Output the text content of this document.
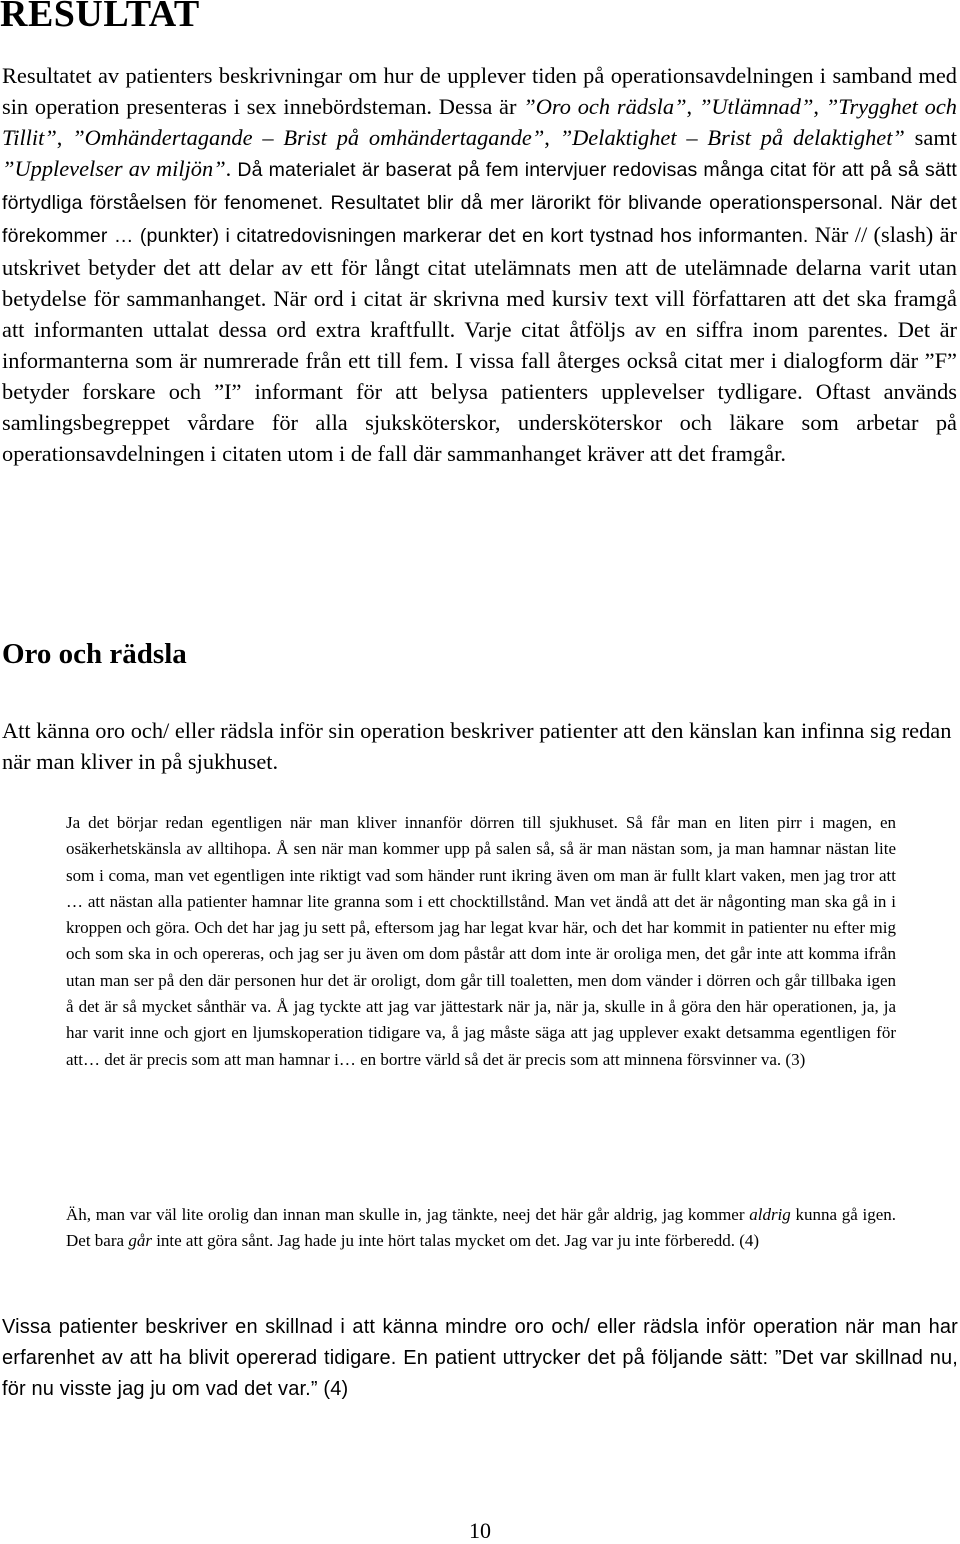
RESULTAT

Resultatet av patienters beskrivningar om hur de upplever tiden på operationsavdelningen i samband med sin operation presenteras i sex innebördsteman. Dessa är ”Oro och rädsla”, ”Utlämnad”, ”Trygghet och Tillit”, ”Omhändertagande – Brist på omhändertagande”, ”Delaktighet – Brist på delaktighet” samt ”Upplevelser av miljön”. Då materialet är baserat på fem intervjuer redovisas många citat för att på så sätt förtydliga förståelsen för fenomenet. Resultatet blir då mer lärorikt för blivande operationspersonal. När det förekommer … (punkter) i citatredovisningen markerar det en kort tystnad hos informanten. När // (slash) är utskrivet betyder det att delar av ett för långt citat utelämnats men att de utelämnade delarna varit utan betydelse för sammanhanget. När ord i citat är skrivna med kursiv text vill författaren att det ska framgå att informanten uttalat dessa ord extra kraftfullt. Varje citat åtföljs av en siffra inom parentes. Det är informanterna som är numrerade från ett till fem. I vissa fall återges också citat mer i dialogform där ”F” betyder forskare och ”I” informant för att belysa patienters upplevelser tydligare. Oftast används samlingsbegreppet vårdare för alla sjuksköterskor, undersköterskor och läkare som arbetar på operationsavdelningen i citaten utom i de fall där sammanhanget kräver att det framgår.

Oro och rädsla

Att känna oro och/ eller rädsla inför sin operation beskriver patienter att den känslan kan infinna sig redan när man kliver in på sjukhuset.

Ja det börjar redan egentligen när man kliver innanför dörren till sjukhuset. Så får man en liten pirr i magen, en osäkerhetskänsla av alltihopa. Å sen när man kommer upp på salen så, så är man nästan som, ja man hamnar nästan lite som i coma, man vet egentligen inte riktigt vad som händer runt ikring även om man är fullt klart vaken, men jag tror att … att nästan alla patienter hamnar lite granna som i ett chocktillstånd. Man vet ändå att det är någonting man ska gå in i kroppen och göra. Och det har jag ju sett på, eftersom jag har legat kvar här, och det har kommit in patienter nu efter mig och som ska in och opereras, och jag ser ju även om dom påstår att dom inte är oroliga men, det går inte att komma ifrån utan man ser på den där personen hur det är oroligt, dom går till toaletten, men dom vänder i dörren och går tillbaka igen å det är så mycket sånthär va. Å jag tyckte att jag var jättestark när ja, när ja, skulle in å göra den här operationen, ja, ja har varit inne och gjort en ljumskoperation tidigare va, å jag måste säga att jag upplever exakt detsamma egentligen för att… det är precis som att man hamnar i… en bortre värld så det är precis som att minnena försvinner va. (3)

Äh, man var väl lite orolig dan innan man skulle in, jag tänkte, neej det här går aldrig, jag kommer aldrig kunna gå igen. Det bara går inte att göra sånt. Jag hade ju inte hört talas mycket om det. Jag var ju inte förberedd. (4)

Vissa patienter beskriver en skillnad i att känna mindre oro och/ eller rädsla inför operation när man har erfarenhet av att ha blivit opererad tidigare. En patient uttrycker det på följande sätt: ”Det var skillnad nu, för nu visste jag ju om vad det var.” (4)

10
